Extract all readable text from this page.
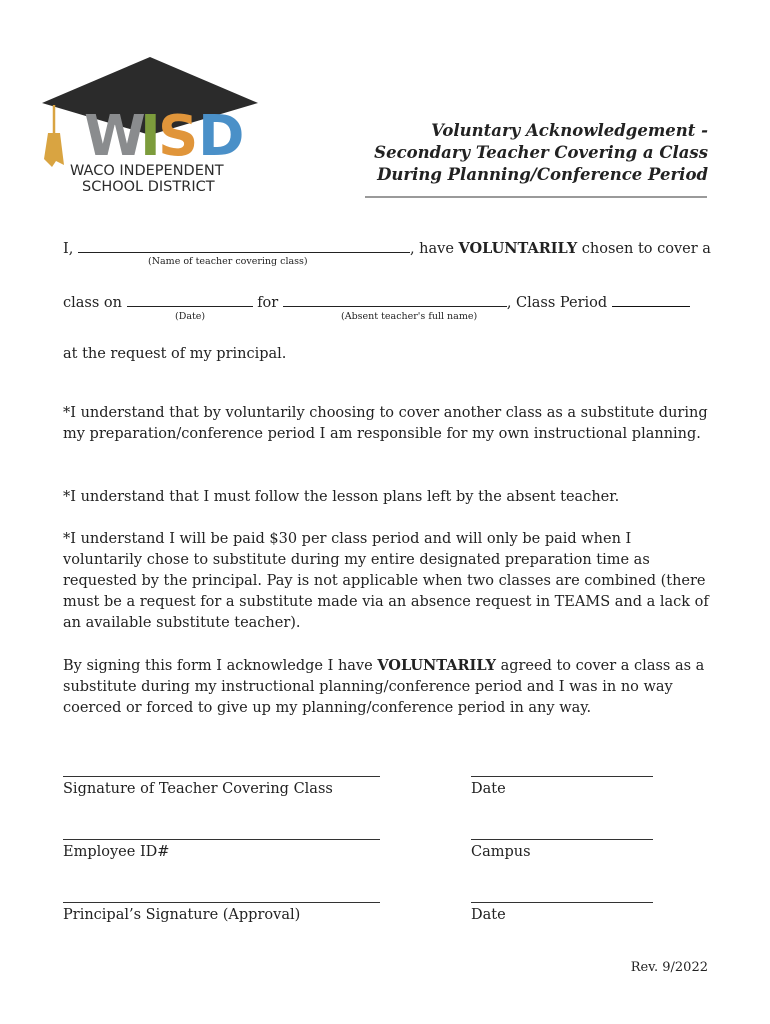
W
I
S D
WACO INDEPENDENT
SCHOOL DISTRICT
Voluntary Acknowledgement -
Secondary Teacher Covering a Class
During Planning/Conference Period
I,	, have VOLUNTARILY chosen to cover a
(Name of teacher covering class)
class on	for	, Class Period
(Date)	(Absent teacher's full name)
at the request of my principal.
*I understand that by voluntarily choosing to cover another class as a substitute during my preparation/conference period I am responsible for my own instructional planning.
*I understand that I must follow the lesson plans left by the absent teacher.
*I understand I will be paid $30 per class period and will only be paid when I voluntarily chose to substitute during my entire designated preparation time as requested by the principal. Pay is not applicable when two classes are combined (there must be a request for a substitute made via an absence request in TEAMS and a lack of an available substitute teacher).
By signing this form I acknowledge I have VOLUNTARILY agreed to cover a class as a substitute during my instructional planning/conference period and I was in no way coerced or forced to give up my planning/conference period in any way.
Signature of Teacher Covering Class	Date
Employee ID#	Campus
Principal’s Signature (Approval)	Date
Rev. 9/2022
